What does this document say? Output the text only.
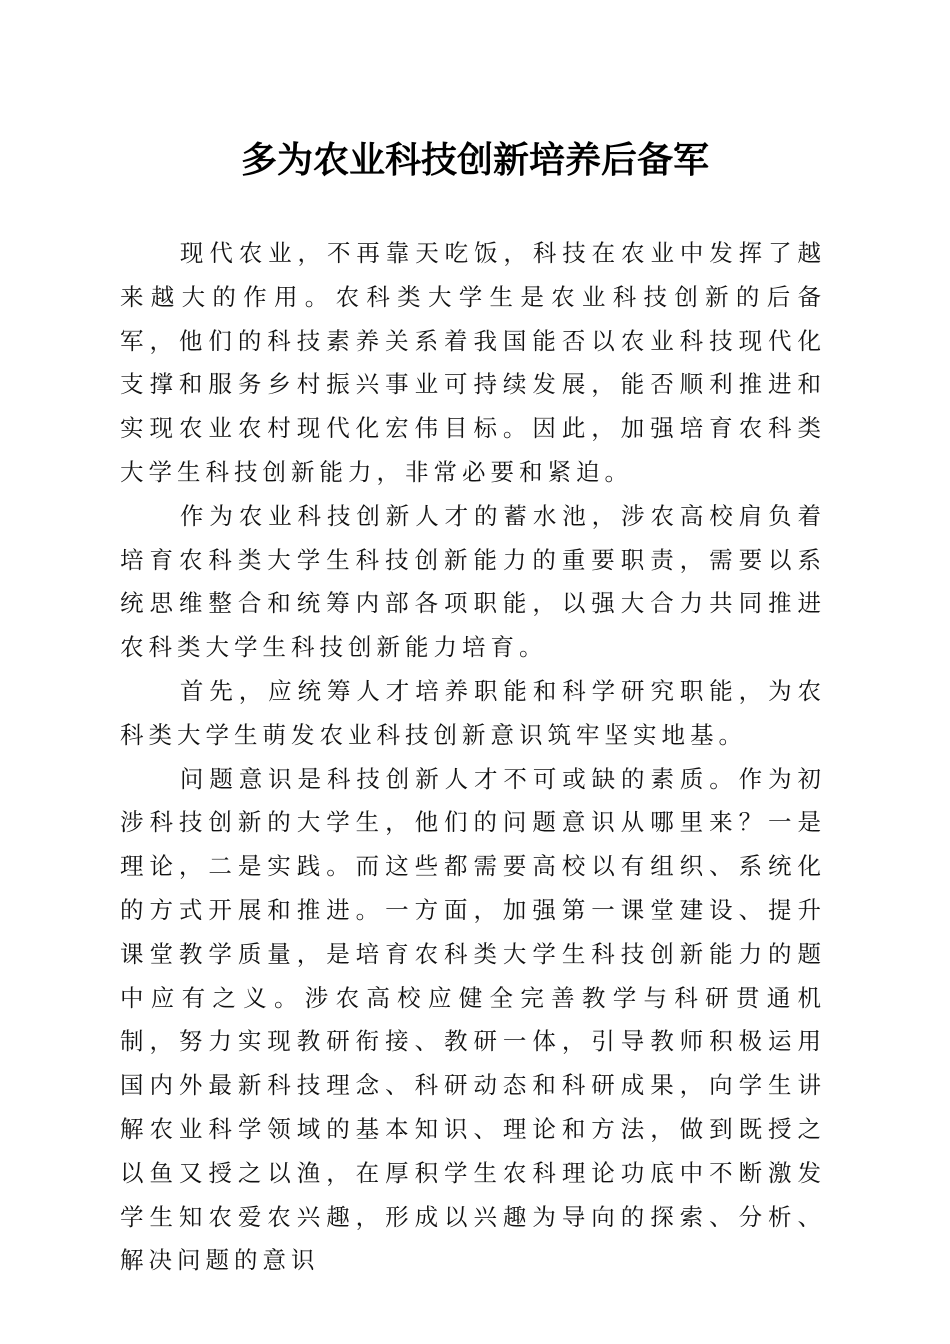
多为农业科技创新培养后备军

现代农业，不再靠天吃饭，科技在农业中发挥了越来越大的作用。农科类大学生是农业科技创新的后备军，他们的科技素养关系着我国能否以农业科技现代化支撑和服务乡村振兴事业可持续发展，能否顺利推进和实现农业农村现代化宏伟目标。因此，加强培育农科类大学生科技创新能力，非常必要和紧迫。

作为农业科技创新人才的蓄水池，涉农高校肩负着培育农科类大学生科技创新能力的重要职责，需要以系统思维整合和统筹内部各项职能，以强大合力共同推进农科类大学生科技创新能力培育。

首先，应统筹人才培养职能和科学研究职能，为农科类大学生萌发农业科技创新意识筑牢坚实地基。

问题意识是科技创新人才不可或缺的素质。作为初涉科技创新的大学生，他们的问题意识从哪里来？一是理论，二是实践。而这些都需要高校以有组织、系统化的方式开展和推进。一方面，加强第一课堂建设、提升课堂教学质量，是培育农科类大学生科技创新能力的题中应有之义。涉农高校应健全完善教学与科研贯通机制，努力实现教研衔接、教研一体，引导教师积极运用国内外最新科技理念、科研动态和科研成果，向学生讲解农业科学领域的基本知识、理论和方法，做到既授之以鱼又授之以渔，在厚积学生农科理论功底中不断激发学生知农爱农兴趣，形成以兴趣为导向的探索、分析、解决问题的意识
